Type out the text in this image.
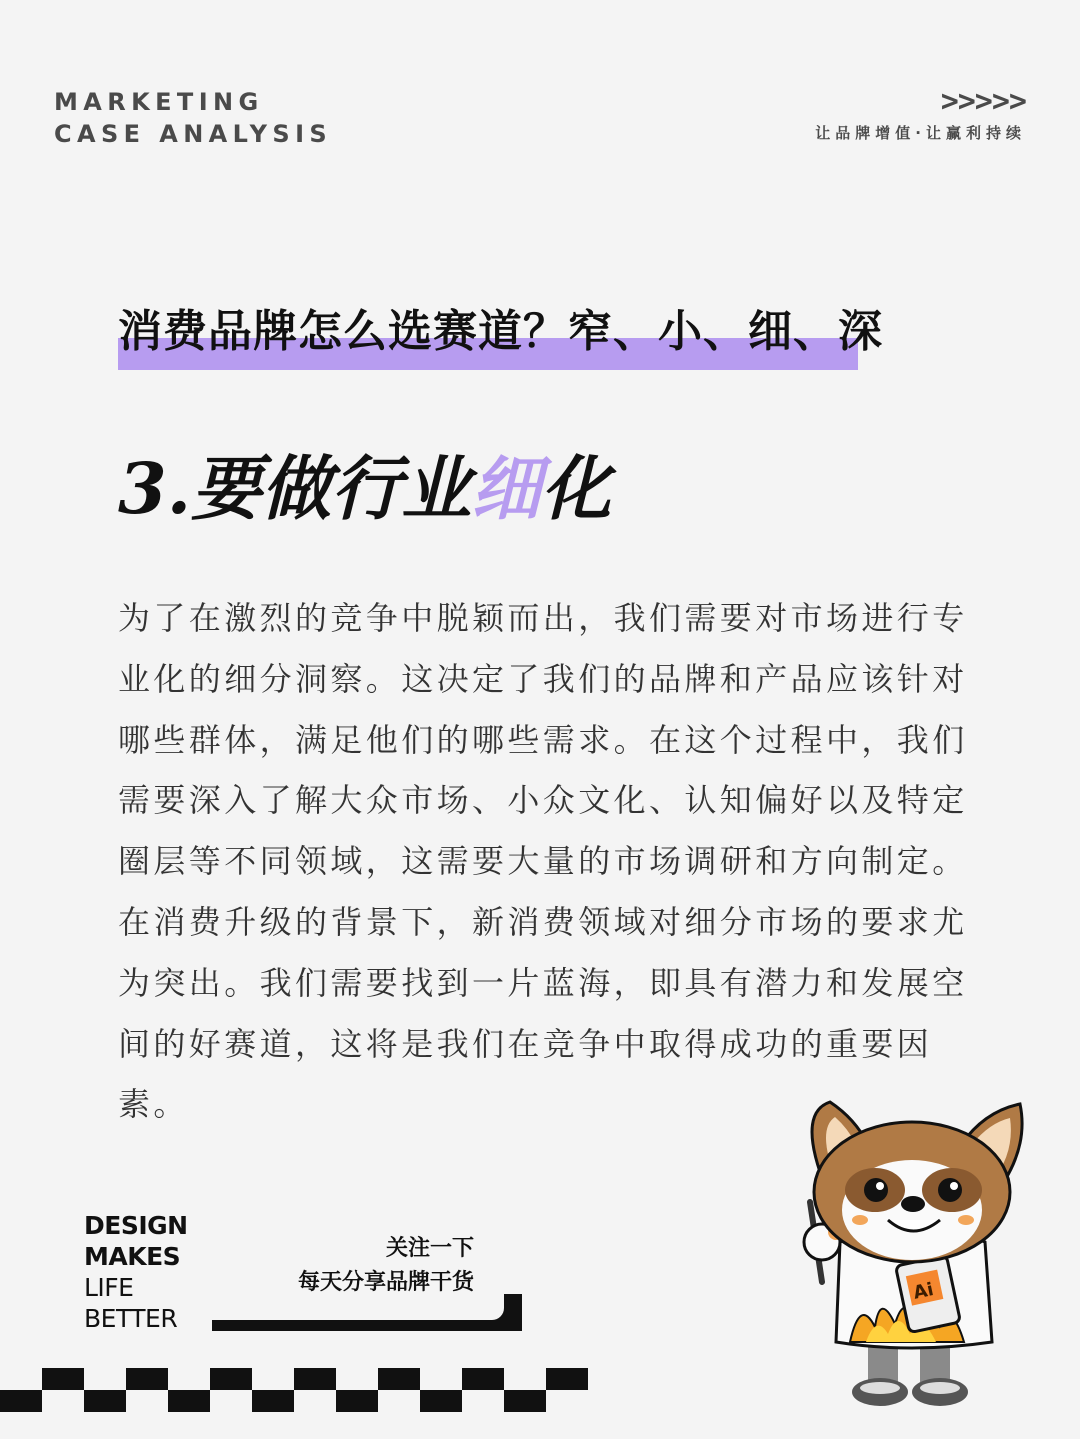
MARKETING
CASE ANALYSIS
>>>>>
让品牌增值·让赢利持续
消费品牌怎么选赛道？窄、小、细、深
3.要做行业细化

为了在激烈的竞争中脱颖而出，我们需要对市场进行专业化的细分洞察。这决定了我们的品牌和产品应该针对哪些群体，满足他们的哪些需求。在这个过程中，我们需要深入了解大众市场、小众文化、认知偏好以及特定圈层等不同领域，这需要大量的市场调研和方向制定。在消费升级的背景下，新消费领域对细分市场的要求尤为突出。我们需要找到一片蓝海，即具有潜力和发展空间的好赛道，这将是我们在竞争中取得成功的重要因素。

DESIGN
MAKES
LIFE
BETTER
关注一下
每天分享品牌干货	Ai
